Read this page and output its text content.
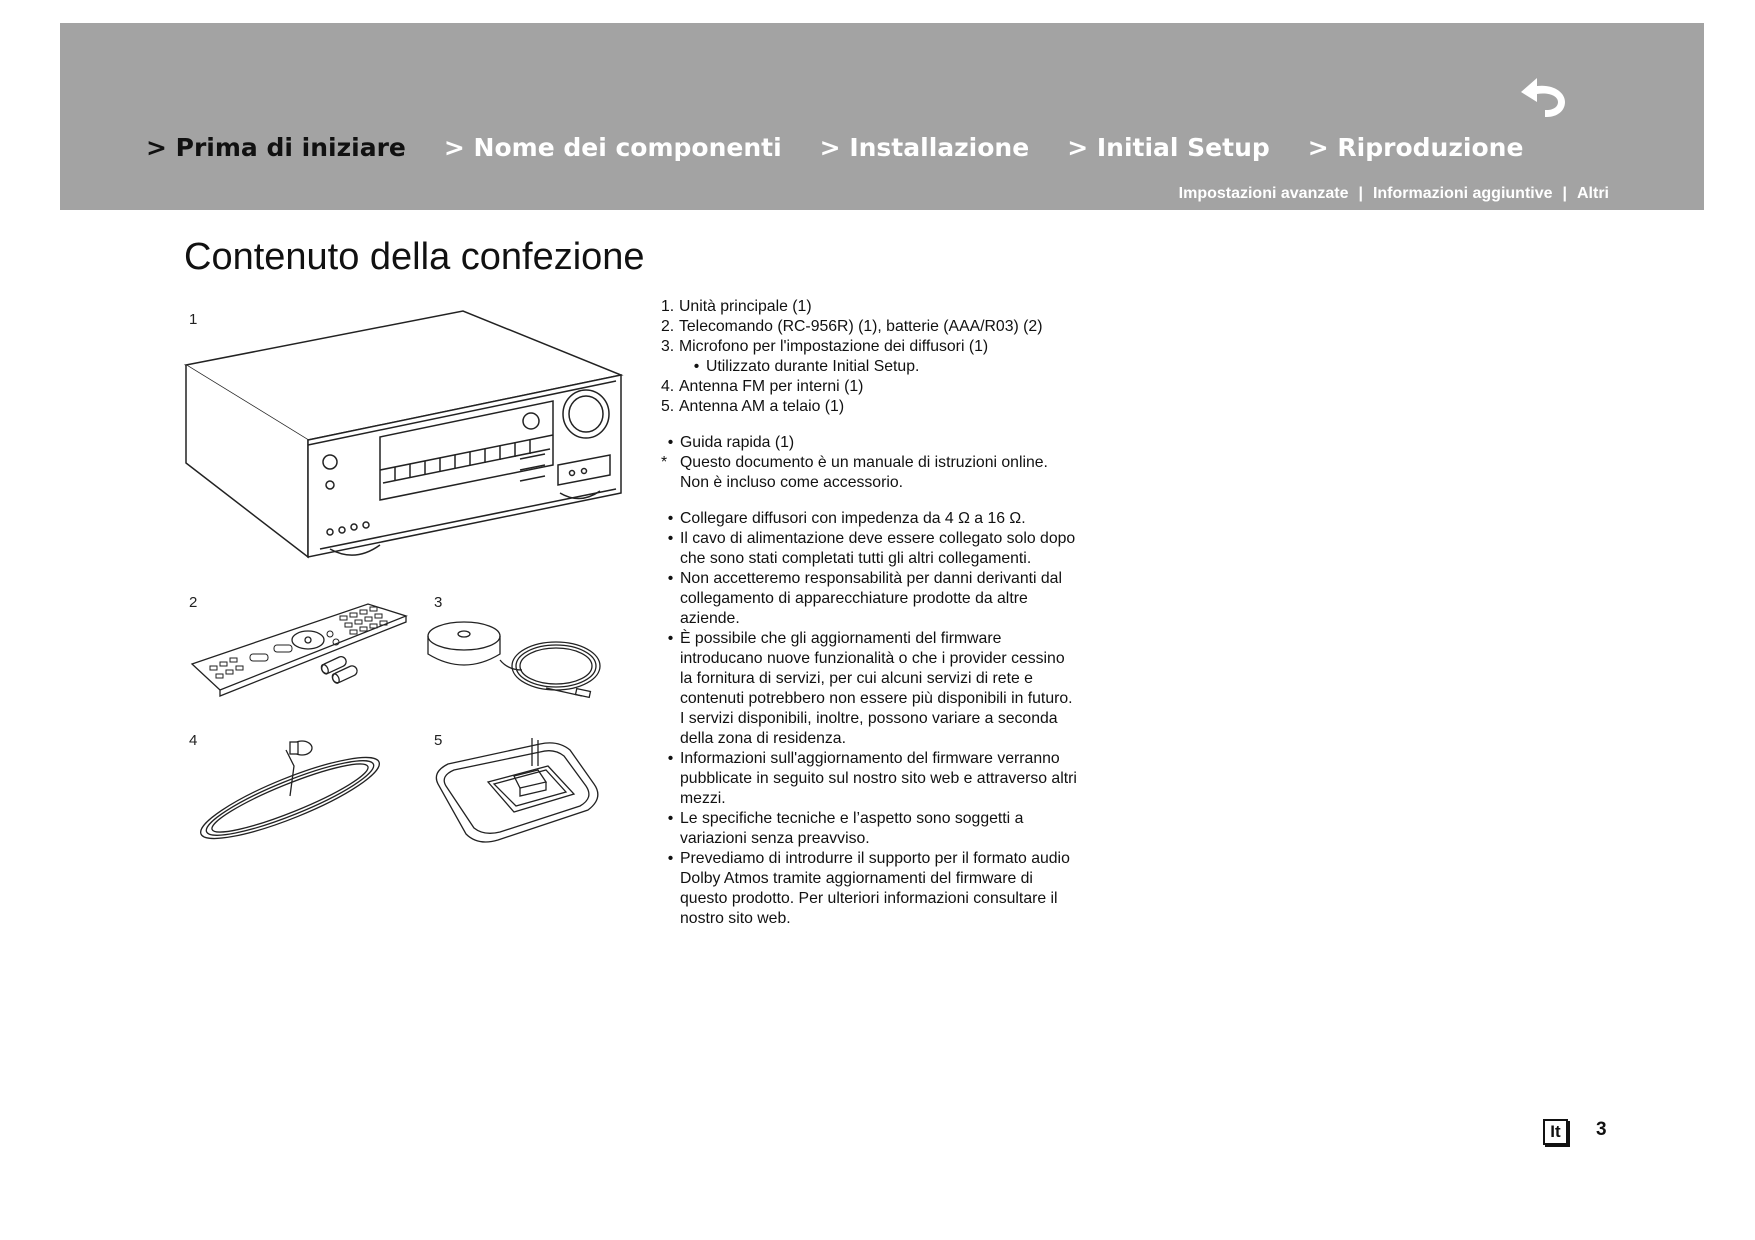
> Prima di iniziare > Nome dei componenti > Installazione > Initial Setup > Riproduzione
Impostazioni avanzate | Informazioni aggiuntive | Altri
Contenuto della confezione
1
2	3
4	5
1. Unità principale (1)
2. Telecomando (RC-956R) (1), batterie (AAA/R03) (2)
3. Microfono per l'impostazione dei diffusori (1)
• Utilizzato durante Initial Setup.
4. Antenna FM per interni (1)
5. Antenna AM a telaio (1)
• Guida rapida (1)
* Questo documento è un manuale di istruzioni online.
Non è incluso come accessorio.
• Collegare diffusori con impedenza da 4 Ω a 16 Ω.
• Il cavo di alimentazione deve essere collegato solo dopo
che sono stati completati tutti gli altri collegamenti.
• Non accetteremo responsabilità per danni derivanti dal
collegamento di apparecchiature prodotte da altre
aziende.
• È possibile che gli aggiornamenti del firmware
introducano nuove funzionalità o che i provider cessino
la fornitura di servizi, per cui alcuni servizi di rete e
contenuti potrebbero non essere più disponibili in futuro.
I servizi disponibili, inoltre, possono variare a seconda
della zona di residenza.
• Informazioni sull'aggiornamento del firmware verranno
pubblicate in seguito sul nostro sito web e attraverso altri
mezzi.
• Le specifiche tecniche e l’aspetto sono soggetti a
variazioni senza preavviso.
• Prevediamo di introdurre il supporto per il formato audio
Dolby Atmos tramite aggiornamenti del firmware di
questo prodotto. Per ulteriori informazioni consultare il
nostro sito web.
It	3
